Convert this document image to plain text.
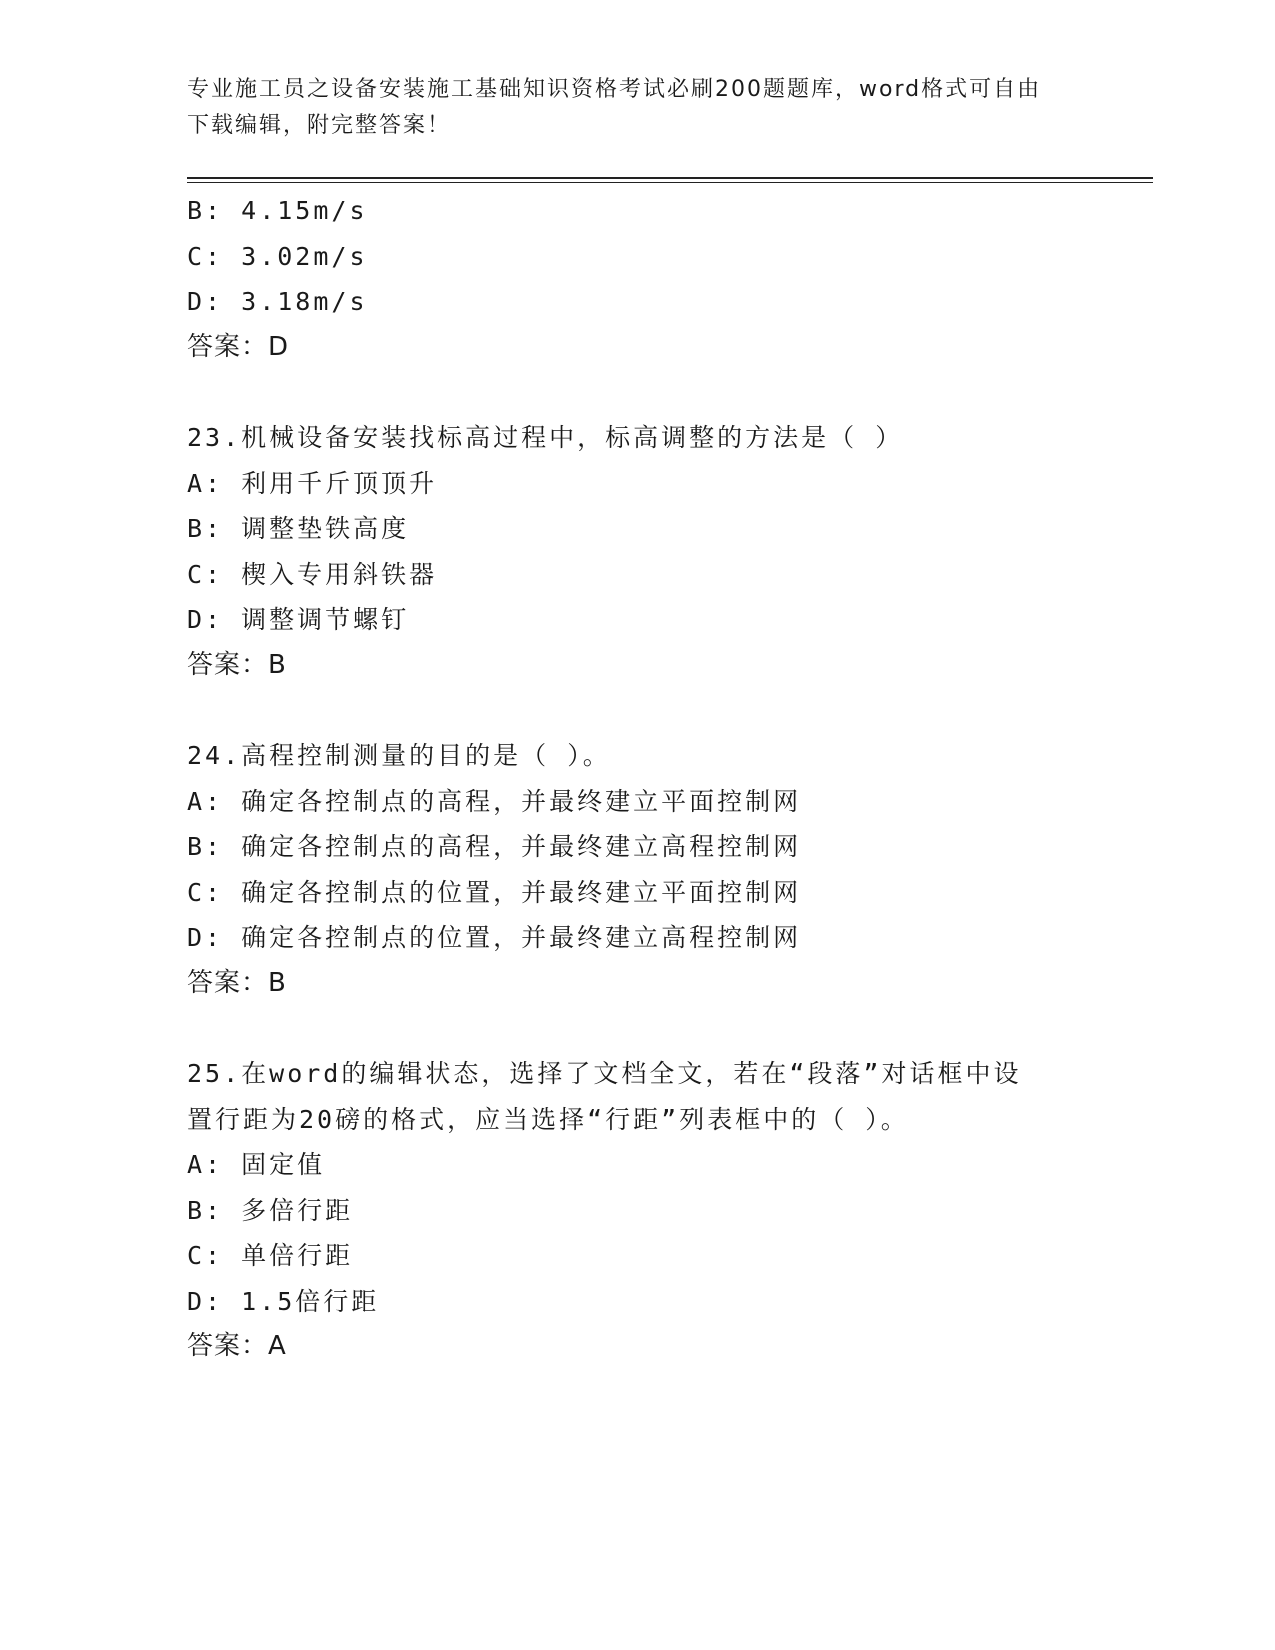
专业施工员之设备安装施工基础知识资格考试必刷200题题库，word格式可自由
下载编辑，附完整答案！
B: 4.15m/s
C: 3.02m/s
D: 3.18m/s
答案：D
23.机械设备安装找标高过程中，标高调整的方法是（ ）
A: 利用千斤顶顶升
B: 调整垫铁高度
C: 楔入专用斜铁器
D: 调整调节螺钉
答案：B
24.高程控制测量的目的是（ ）。
A: 确定各控制点的高程，并最终建立平面控制网
B: 确定各控制点的高程，并最终建立高程控制网
C: 确定各控制点的位置，并最终建立平面控制网
D: 确定各控制点的位置，并最终建立高程控制网
答案：B
25.在word的编辑状态，选择了文档全文，若在“段落”对话框中设
置行距为20磅的格式，应当选择“行距”列表框中的（ ）。
A: 固定值
B: 多倍行距
C: 单倍行距
D: 1.5倍行距
答案：A
